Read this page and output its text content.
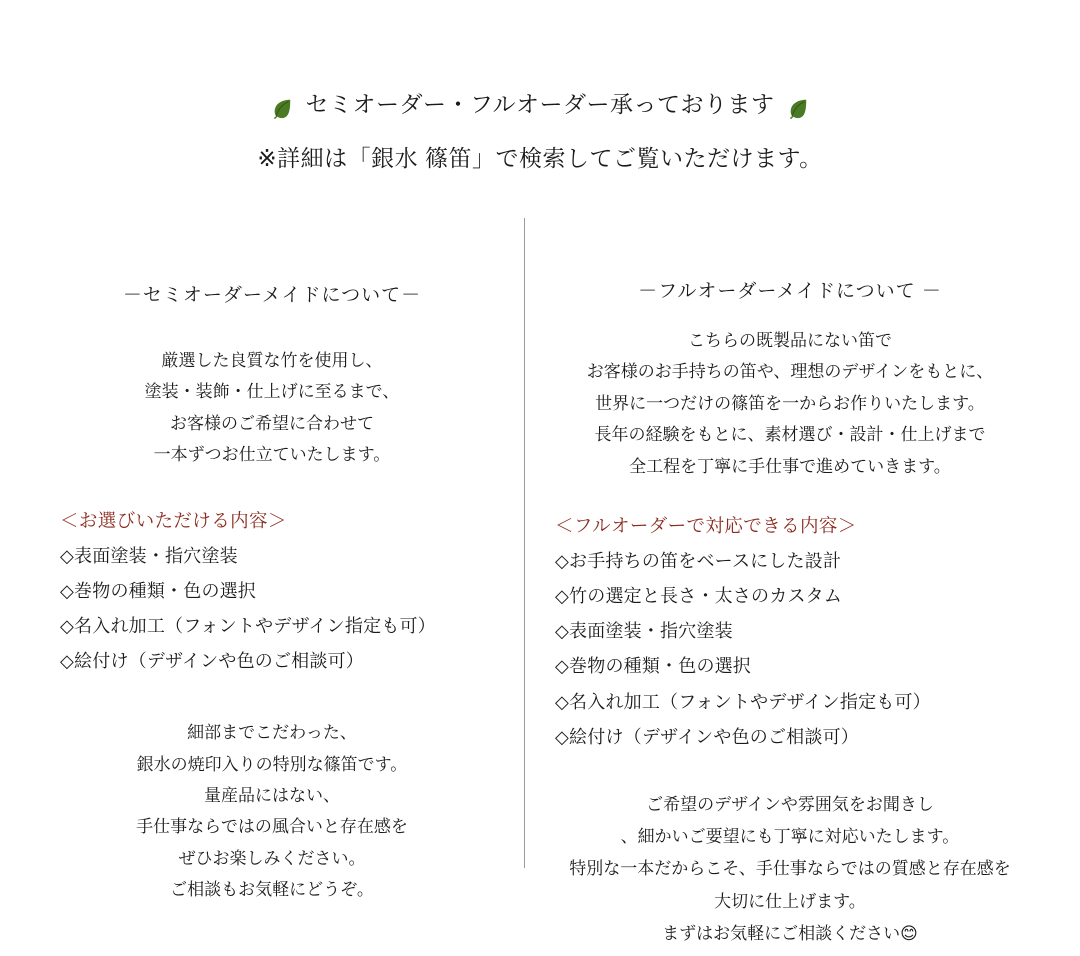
セミオーダー・フルオーダー承っております
※詳細は「銀水 篠笛」で検索してご覧いただけます。
－セミオーダーメイドについて－
厳選した良質な竹を使用し、
塗装・装飾・仕上げに至るまで、
お客様のご希望に合わせて
一本ずつお仕立ていたします。
＜お選びいただける内容＞
◇表面塗装・指穴塗装
◇巻物の種類・色の選択
◇名入れ加工（フォントやデザイン指定も可）
◇絵付け（デザインや色のご相談可）
細部までこだわった、
銀水の焼印入りの特別な篠笛です。
量産品にはない、
手仕事ならではの風合いと存在感を
ぜひお楽しみください。
ご相談もお気軽にどうぞ。
－フルオーダーメイドについて －
こちらの既製品にない笛で
お客様のお手持ちの笛や、理想のデザインをもとに、
世界に一つだけの篠笛を一からお作りいたします。
長年の経験をもとに、素材選び・設計・仕上げまで
全工程を丁寧に手仕事で進めていきます。
＜フルオーダーで対応できる内容＞
◇お手持ちの笛をベースにした設計
◇竹の選定と長さ・太さのカスタム
◇表面塗装・指穴塗装
◇巻物の種類・色の選択
◇名入れ加工（フォントやデザイン指定も可）
◇絵付け（デザインや色のご相談可）
ご希望のデザインや雰囲気をお聞きし
、細かいご要望にも丁寧に対応いたします。
特別な一本だからこそ、手仕事ならではの質感と存在感を
大切に仕上げます。
まずはお気軽にご相談ください😊
